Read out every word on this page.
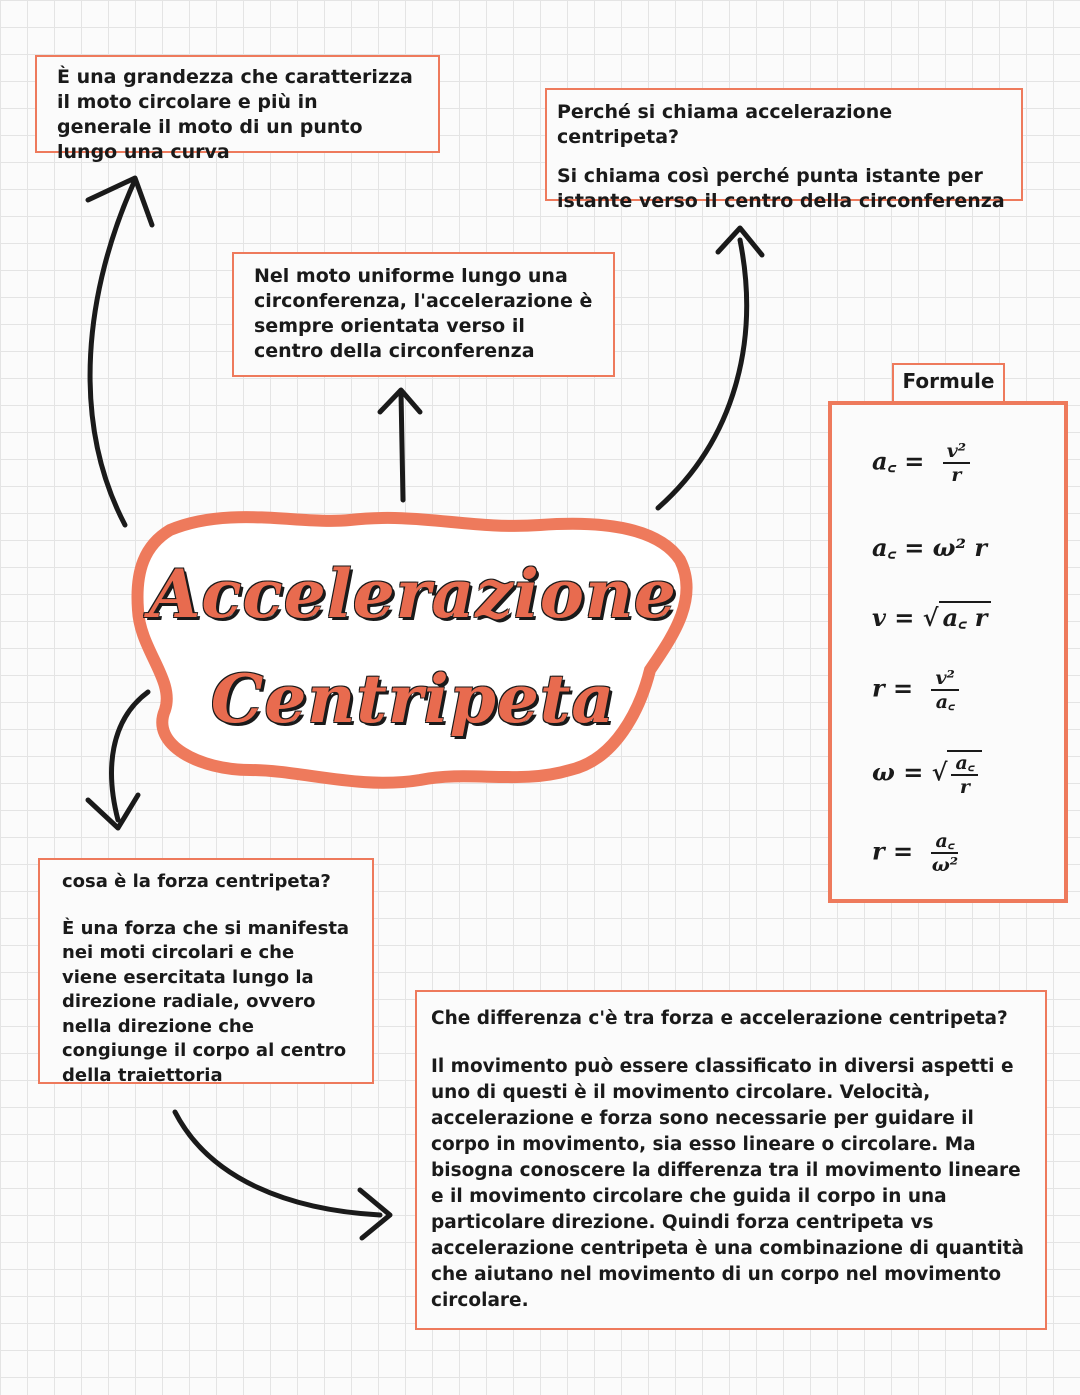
È una grandezza che caratterizza il moto circolare e più in generale il moto di un punto lungo una curva

Perché si chiama accelerazione centripeta?

Si chiama così perché punta istante per istante verso il centro della circonferenza

Nel moto uniforme lungo una circonferenza, l'accelerazione è sempre orientata verso il centro della circonferenza

Accelerazione
Centripeta
Formule
a꜀ = $\frac{\text{v²}}{r}$
a꜀ = ω² r
v = √ a꜀ r
$r = \frac{\text{v²}}{a꜀}$
ω = √ $\frac{a꜀}{r}$
$r = \frac{a꜀}{\text{ω²}}$

cosa è la forza centripeta?

È una forza che si manifesta nei moti circolari e che viene esercitata lungo la direzione radiale, ovvero nella direzione che congiunge il corpo al centro della traiettoria

Che differenza c'è tra forza e accelerazione centripeta?

Il movimento può essere classificato in diversi aspetti e uno di questi è il movimento circolare. Velocità, accelerazione e forza sono necessarie per guidare il corpo in movimento, sia esso lineare o circolare. Ma bisogna conoscere la differenza tra il movimento lineare e il movimento circolare che guida il corpo in una particolare direzione. Quindi forza centripeta vs accelerazione centripeta è una combinazione di quantità che aiutano nel movimento di un corpo nel movimento circolare.
